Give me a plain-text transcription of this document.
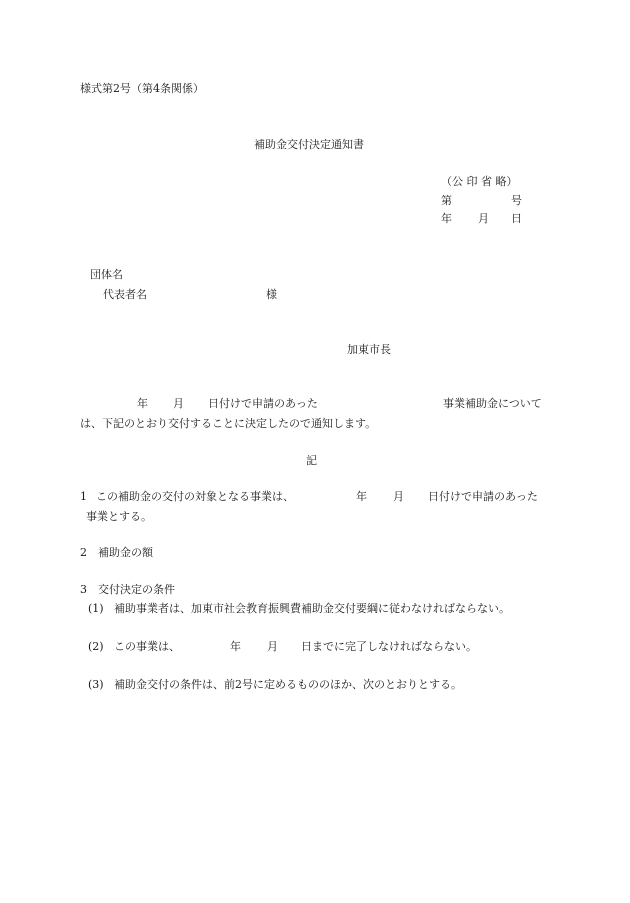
様式第2号（第4条関係）

補助金交付決定通知書

（公 印 省 略）

第	号

年 月 日

団体名

代表者名	様

加東市長

年 月 日付けで申請のあった	事業補助金について

は、下記のとおり交付することに決定したので通知します。

記

1 この補助金の交付の対象となる事業は、	年 月 日付けで申請のあった

事業とする。

2　補助金の額

3　交付決定の条件

(1) 補助事業者は、加東市社会教育振興費補助金交付要綱に従わなければならない。

(2) この事業は、	年 月 日までに完了しなければならない。

(3) 補助金交付の条件は、前2号に定めるもののほか、次のとおりとする。
